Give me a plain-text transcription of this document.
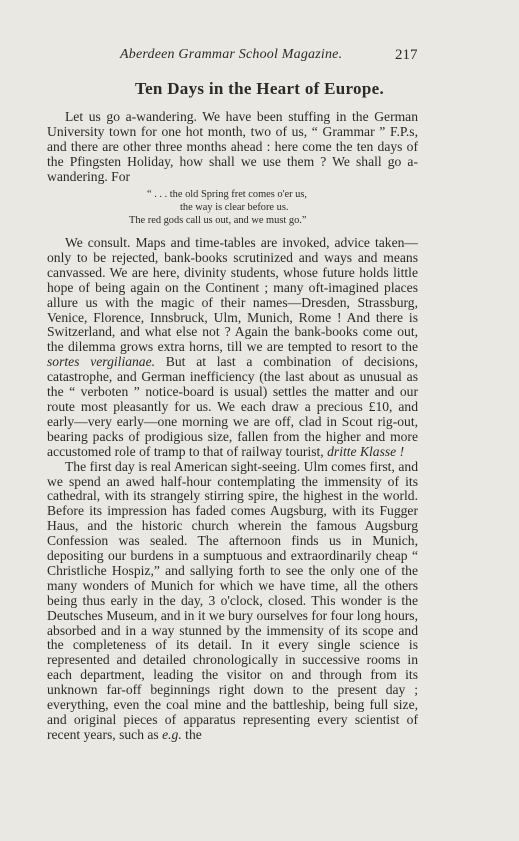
Aberdeen Grammar School Magazine.	217
Ten Days in the Heart of Europe.

Let us go a-wandering. We have been stuffing in the German University town for one hot month, two of us, “ Grammar ” F.P.s, and there are other three months ahead : here come the ten days of the Pfingsten Holiday, how shall we use them ? We shall go a-wandering. For

“ . . . the old Spring fret comes o'er us,
the way is clear before us.
The red gods call us out, and we must go.”

We consult. Maps and time-tables are invoked, advice taken—only to be rejected, bank-books scrutinized and ways and means canvassed. We are here, divinity students, whose future holds little hope of being again on the Continent ; many oft-imagined places allure us with the magic of their names—Dresden, Strassburg, Venice, Florence, Innsbruck, Ulm, Munich, Rome ! And there is Switzerland, and what else not ? Again the bank-books come out, the dilemma grows extra horns, till we are tempted to resort to the sortes vergilianae. But at last a combination of decisions, catastrophe, and German inefficiency (the last about as unusual as the “ verboten ” notice-board is usual) settles the matter and our route most pleasantly for us. We each draw a precious £10, and early—very early—one morning we are off, clad in Scout rig-out, bearing packs of prodigious size, fallen from the higher and more accustomed role of tramp to that of railway tourist, dritte Klasse !

The first day is real American sight-seeing. Ulm comes first, and we spend an awed half-hour contemplating the immensity of its cathedral, with its strangely stirring spire, the highest in the world. Before its impression has faded comes Augsburg, with its Fugger Haus, and the historic church wherein the famous Augsburg Confession was sealed. The afternoon finds us in Munich, depositing our burdens in a sumptuous and extraordinarily cheap “ Christliche Hospiz,” and sallying forth to see the only one of the many wonders of Munich for which we have time, all the others being thus early in the day, 3 o'clock, closed. This wonder is the Deutsches Museum, and in it we bury ourselves for four long hours, absorbed and in a way stunned by the immensity of its scope and the completeness of its detail. In it every single science is represented and detailed chronologically in successive rooms in each department, leading the visitor on and through from its unknown far-off beginnings right down to the present day ; everything, even the coal mine and the battleship, being full size, and original pieces of apparatus representing every scientist of recent years, such as e.g. the
